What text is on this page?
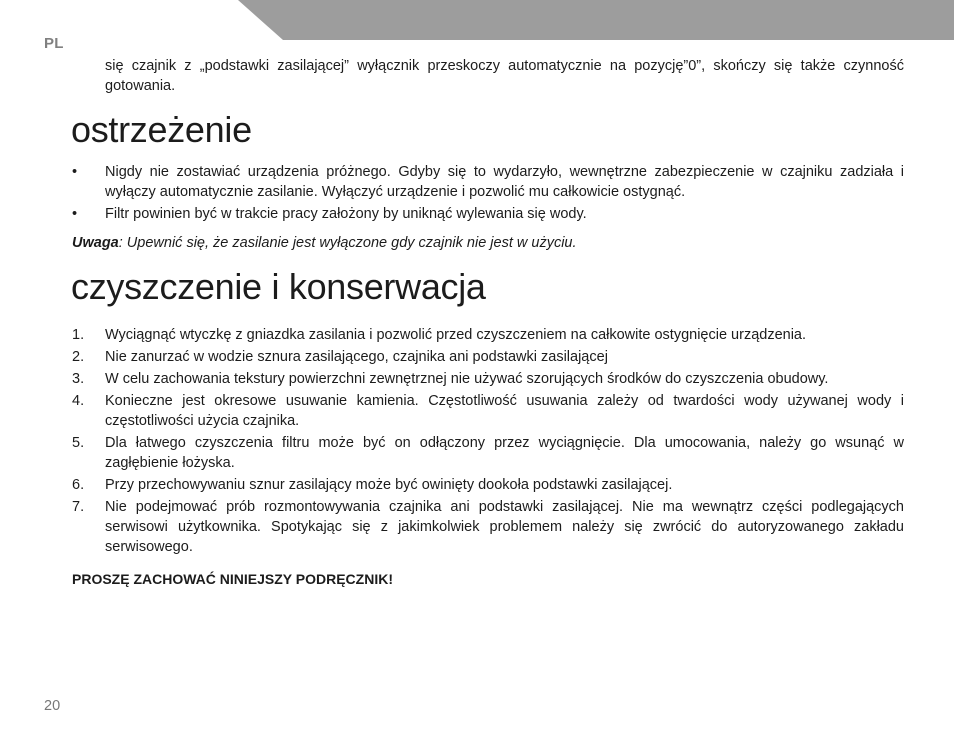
PL

się czajnik z „podstawki zasilającej” wyłącznik przeskoczy automatycznie na pozycję”0”, skończy się także czynność gotowania.

ostrzeżenie
•	Nigdy nie zostawiać urządzenia próżnego. Gdyby się to wydarzyło, wewnętrzne zabezpieczenie w czajniku zadziała i wyłączy automatycznie zasilanie. Wyłączyć urządzenie i pozwolić mu całkowicie ostygnąć.
•	Filtr powinien być w trakcie pracy założony by uniknąć wylewania się wody.

Uwaga: Upewnić się, że zasilanie jest wyłączone gdy czajnik nie jest w użyciu.

czyszczenie i konserwacja
1.	Wyciągnąć wtyczkę z gniazdka zasilania i pozwolić przed czyszczeniem na całkowite ostygnięcie urządzenia.
2.	Nie zanurzać w wodzie sznura zasilającego, czajnika ani podstawki zasilającej
3.	W celu zachowania tekstury powierzchni zewnętrznej nie używać szorujących środków do czyszczenia obudowy.
4.	Konieczne jest okresowe usuwanie kamienia. Częstotliwość usuwania zależy od twardości wody używanej wody i częstotliwości użycia czajnika.
5.	Dla łatwego czyszczenia filtru może być on odłączony przez wyciągnięcie. Dla umocowania, należy go wsunąć w zagłębienie łożyska.
6.	Przy przechowywaniu sznur zasilający może być owinięty dookoła podstawki zasilającej.
7.	Nie podejmować prób rozmontowywania czajnika ani podstawki zasilającej. Nie ma wewnątrz części podlegających serwisowi użytkownika. Spotykając się z jakimkolwiek problemem należy się zwrócić do autoryzowanego zakładu serwisowego.

PROSZĘ ZACHOWAĆ NINIEJSZY PODRĘCZNIK!

20
